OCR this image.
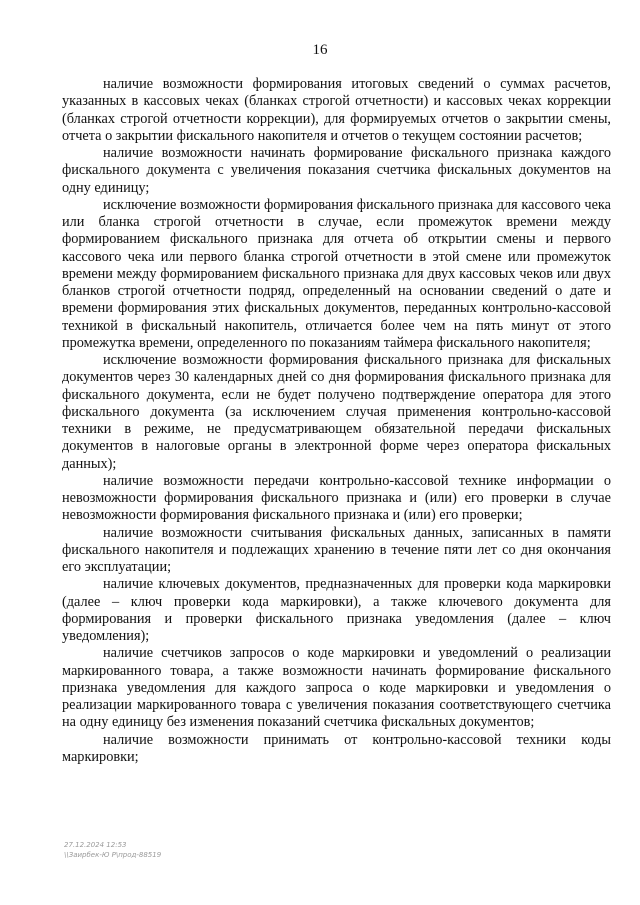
16

наличие возможности формирования итоговых сведений о суммах расчетов, указанных в кассовых чеках (бланках строгой отчетности) и кассовых чеках коррекции (бланках строгой отчетности коррекции), для формируемых отчетов о закрытии смены, отчета о закрытии фискального накопителя и отчетов о текущем состоянии расчетов;

наличие возможности начинать формирование фискального признака каждого фискального документа с увеличения показания счетчика фискальных документов на одну единицу;

исключение возможности формирования фискального признака для кассового чека или бланка строгой отчетности в случае, если промежуток времени между формированием фискального признака для отчета об открытии смены и первого кассового чека или первого бланка строгой отчетности в этой смене или промежуток времени между формированием фискального признака для двух кассовых чеков или двух бланков строгой отчетности подряд, определенный на основании сведений о дате и времени формирования этих фискальных документов, переданных контрольно-кассовой техникой в фискальный накопитель, отличается более чем на пять минут от этого промежутка времени, определенного по показаниям таймера фискального накопителя;

исключение возможности формирования фискального признака для фискальных документов через 30 календарных дней со дня формирования фискального признака для фискального документа, если не будет получено подтверждение оператора для этого фискального документа (за исключением случая применения контрольно-кассовой техники в режиме, не предусматривающем обязательной передачи фискальных документов в налоговые органы в электронной форме через оператора фискальных данных);

наличие возможности передачи контрольно-кассовой технике информации о невозможности формирования фискального признака и (или) его проверки в случае невозможности формирования фискального признака и (или) его проверки;

наличие возможности считывания фискальных данных, записанных в памяти фискального накопителя и подлежащих хранению в течение пяти лет со дня окончания его эксплуатации;

наличие ключевых документов, предназначенных для проверки кода маркировки (далее – ключ проверки кода маркировки), а также ключевого документа для формирования и проверки фискального признака уведомления (далее – ключ уведомления);

наличие счетчиков запросов о коде маркировки и уведомлений о реализации маркированного товара, а также возможности начинать формирование фискального признака уведомления для каждого запроса о коде маркировки и уведомления о реализации маркированного товара с увеличения показания соответствующего счетчика на одну единицу без изменения показаний счетчика фискальных документов;

наличие возможности принимать от контрольно-кассовой техники коды маркировки;

27.12.2024 12:53
\\Заирбек-Ю Р\прод-88519
